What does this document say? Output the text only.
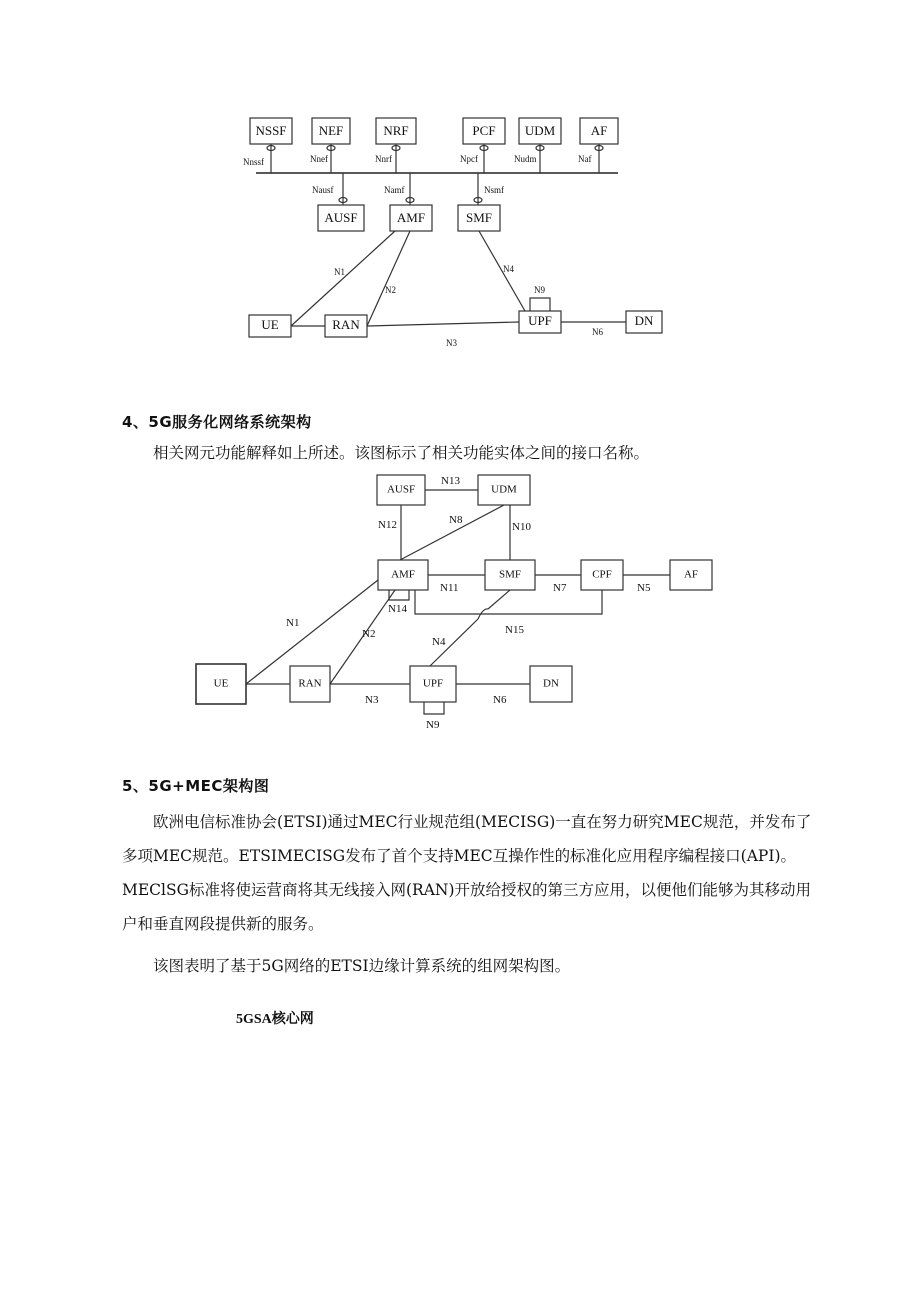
NSSF NEF	NRF	PCF UDM	AF
Nnssf	Nnef	Nnrf	Npcf	Nudm	Naf
Nausf	Namf	Nsmf
AUSF	AMF	SMF
UE	RAN	UPF	DN
N1
N2
N3
N4
N6
N9
4、5G服务化网络系统架构

相关网元功能解释如上所述。该图标示了相关功能实体之间的接口名称。

AUSF	UDM
AMF	SMF	CPF	AF
UE	RAN	UPF	DN
N13
N12	N8
N10
N11	N7	N5
N14
N15
N1
N2
N4
N3	N6
N9
5、5G+MEC架构图

欧洲电信标准协会(ETSI)通过MEC行业规范组(MECISG)一直在努力研究MEC规范，并发布了多项MEC规范。ETSIMECISG发布了首个支持MEC互操作性的标准化应用程序编程接口(API)。MEClSG标准将使运营商将其无线接入网(RAN)开放给授权的第三方应用，以便他们能够为其移动用户和垂直网段提供新的服务。

该图表明了基于5G网络的ETSI边缘计算系统的组网架构图。

5GSA核心网
